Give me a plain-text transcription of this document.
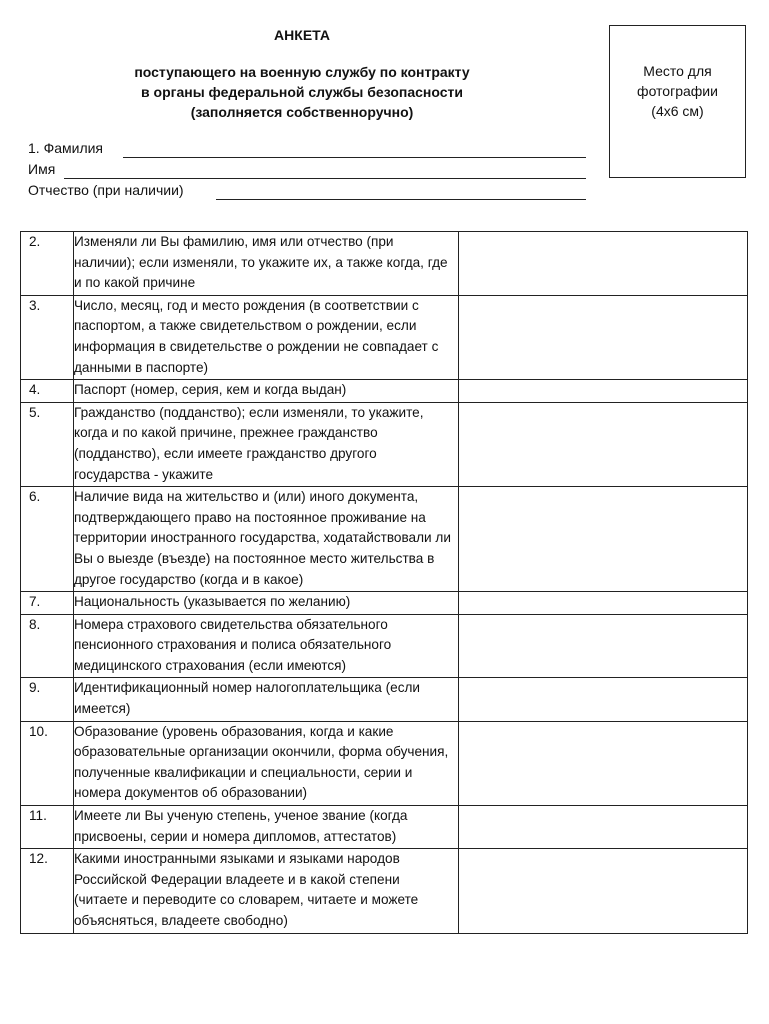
АНКЕТА
поступающего на военную службу по контракту
в органы федеральной службы безопасности
(заполняется собственноручно)
Место для
фотографии
(4х6 см)
1. Фамилия
Имя
Отчество (при наличии)
2.	Изменяли ли Вы фамилию, имя или отчество (при наличии); если изменяли, то укажите их, а также когда, где и по какой причине	
3.	Число, месяц, год и место рождения (в соответствии с паспортом, а также свидетельством о рождении, если информация в свидетельстве о рождении не совпадает с данными в паспорте)	
4.	Паспорт (номер, серия, кем и когда выдан)	
5.	Гражданство (подданство); если изменяли, то укажите, когда и по какой причине, прежнее гражданство (подданство), если имеете гражданство другого государства - укажите	
6.	Наличие вида на жительство и (или) иного документа, подтверждающего право на постоянное проживание на территории иностранного государства, ходатайствовали ли Вы о выезде (въезде) на постоянное место жительства в другое государство (когда и в какое)	
7.	Национальность (указывается по желанию)	
8.	Номера страхового свидетельства обязательного пенсионного страхования и полиса обязательного медицинского страхования (если имеются)	
9.	Идентификационный номер налогоплательщика (если имеется)	
10.	Образование (уровень образования, когда и какие образовательные организации окончили, форма обучения, полученные квалификации и специальности, серии и номера документов об образовании)	
11.	Имеете ли Вы ученую степень, ученое звание (когда присвоены, серии и номера дипломов, аттестатов)	
12.	Какими иностранными языками и языками народов Российской Федерации владеете и в какой степени (читаете и переводите со словарем, читаете и можете объясняться, владеете свободно)	
